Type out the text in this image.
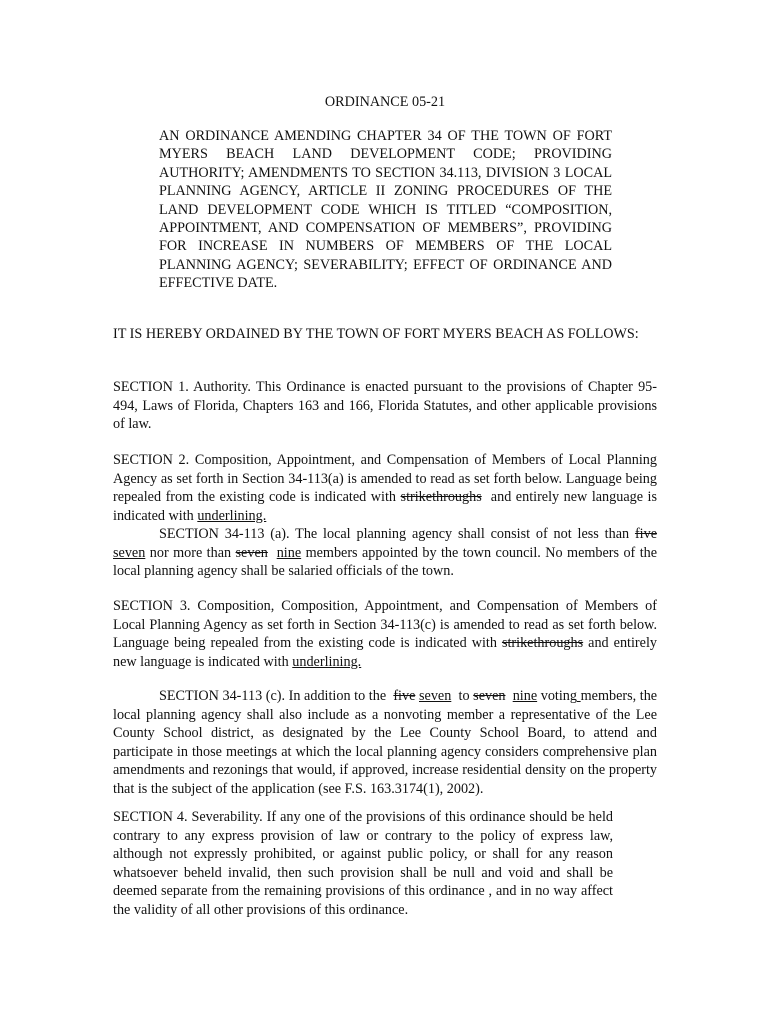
ORDINANCE 05-21

AN ORDINANCE AMENDING CHAPTER 34 OF THE TOWN OF FORT MYERS BEACH LAND DEVELOPMENT CODE; PROVIDING AUTHORITY; AMENDMENTS TO SECTION 34.113, DIVISION 3 LOCAL PLANNING AGENCY, ARTICLE II ZONING PROCEDURES OF THE LAND DEVELOPMENT CODE WHICH IS TITLED “COMPOSITION, APPOINTMENT, AND COMPENSATION OF MEMBERS”, PROVIDING FOR INCREASE IN NUMBERS OF MEMBERS OF THE LOCAL PLANNING AGENCY; SEVERABILITY; EFFECT OF ORDINANCE AND EFFECTIVE DATE.

IT IS HEREBY ORDAINED BY THE TOWN OF FORT MYERS BEACH AS FOLLOWS:

SECTION 1. Authority. This Ordinance is enacted pursuant to the provisions of Chapter 95-494, Laws of Florida, Chapters 163 and 166, Florida Statutes, and other applicable provisions of law.

SECTION 2. Composition, Appointment, and Compensation of Members of Local Planning Agency as set forth in Section 34-113(a) is amended to read as set forth below. Language being repealed from the existing code is indicated with strikethroughs and entirely new language is indicated with underlining.

SECTION 34-113 (a). The local planning agency shall consist of not less than five seven nor more than seven nine members appointed by the town council. No members of the local planning agency shall be salaried officials of the town.

SECTION 3. Composition, Composition, Appointment, and Compensation of Members of Local Planning Agency as set forth in Section 34-113(c) is amended to read as set forth below. Language being repealed from the existing code is indicated with strikethroughs and entirely new language is indicated with underlining.

SECTION 34-113 (c). In addition to the five seven to seven nine voting members, the local planning agency shall also include as a nonvoting member a representative of the Lee County School district, as designated by the Lee County School Board, to attend and participate in those meetings at which the local planning agency considers comprehensive plan amendments and rezonings that would, if approved, increase residential density on the property that is the subject of the application (see F.S. 163.3174(1), 2002).

SECTION 4. Severability. If any one of the provisions of this ordinance should be held contrary to any express provision of law or contrary to the policy of express law, although not expressly prohibited, or against public policy, or shall for any reason whatsoever beheld invalid, then such provision shall be null and void and shall be deemed separate from the remaining provisions of this ordinance , and in no way affect the validity of all other provisions of this ordinance.
